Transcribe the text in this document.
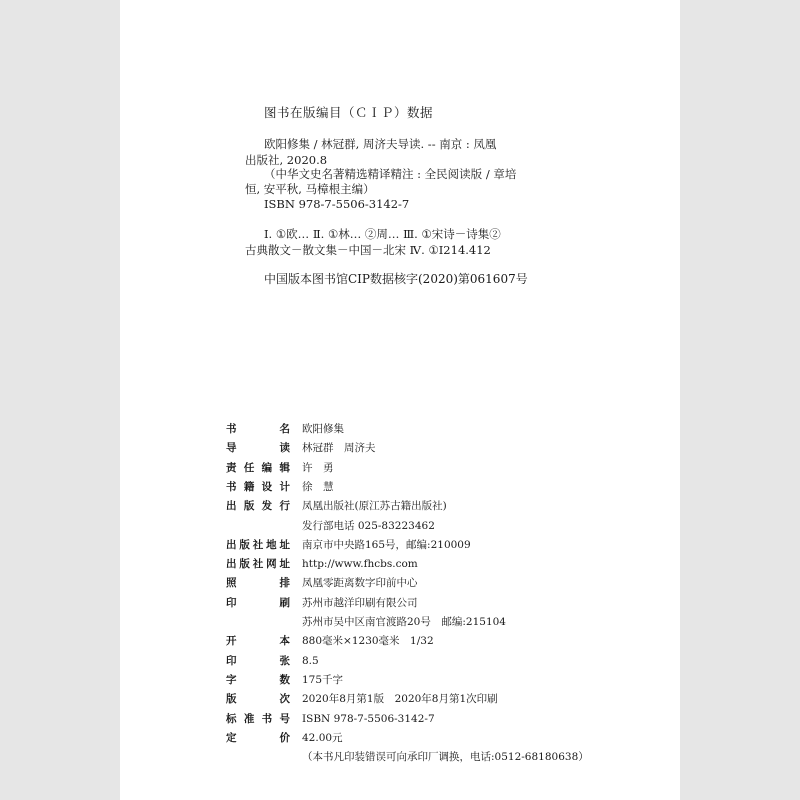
图书在版编目（ＣＩＰ）数据
欧阳修集 / 林冠群, 周济夫导读. -- 南京 : 凤凰
出版社, 2020.8
（中华文史名著精选精译精注 : 全民阅读版 / 章培
恒, 安平秋, 马樟根主编）
ISBN 978-7-5506-3142-7
Ⅰ. ①欧… Ⅱ. ①林… ②周… Ⅲ. ①宋诗－诗集②
古典散文－散文集－中国－北宋 Ⅳ. ①I214.412
中国版本图书馆CIP数据核字(2020)第061607号
书	名 欧阳修集
导	读 林冠群　周济夫
责 任 编 辑 许　勇
书 籍 设 计 徐　慧
出 版 发 行 凤凰出版社(原江苏古籍出版社)
发行部电话 025-83223462
出 版 社 地 址 南京市中央路165号，邮编:210009
出 版 社 网 址 http://www.fhcbs.com
照	排 凤凰零距离数字印前中心
印	刷 苏州市越洋印刷有限公司
苏州市吴中区南官渡路20号　邮编:215104
开	本 880毫米×1230毫米　1/32
印	张 8.5
字	数 175千字
版	次 2020年8月第1版　2020年8月第1次印刷
标 准 书 号 ISBN 978-7-5506-3142-7
定	价 42.00元
（本书凡印装错误可向承印厂调换，电话:0512-68180638）
